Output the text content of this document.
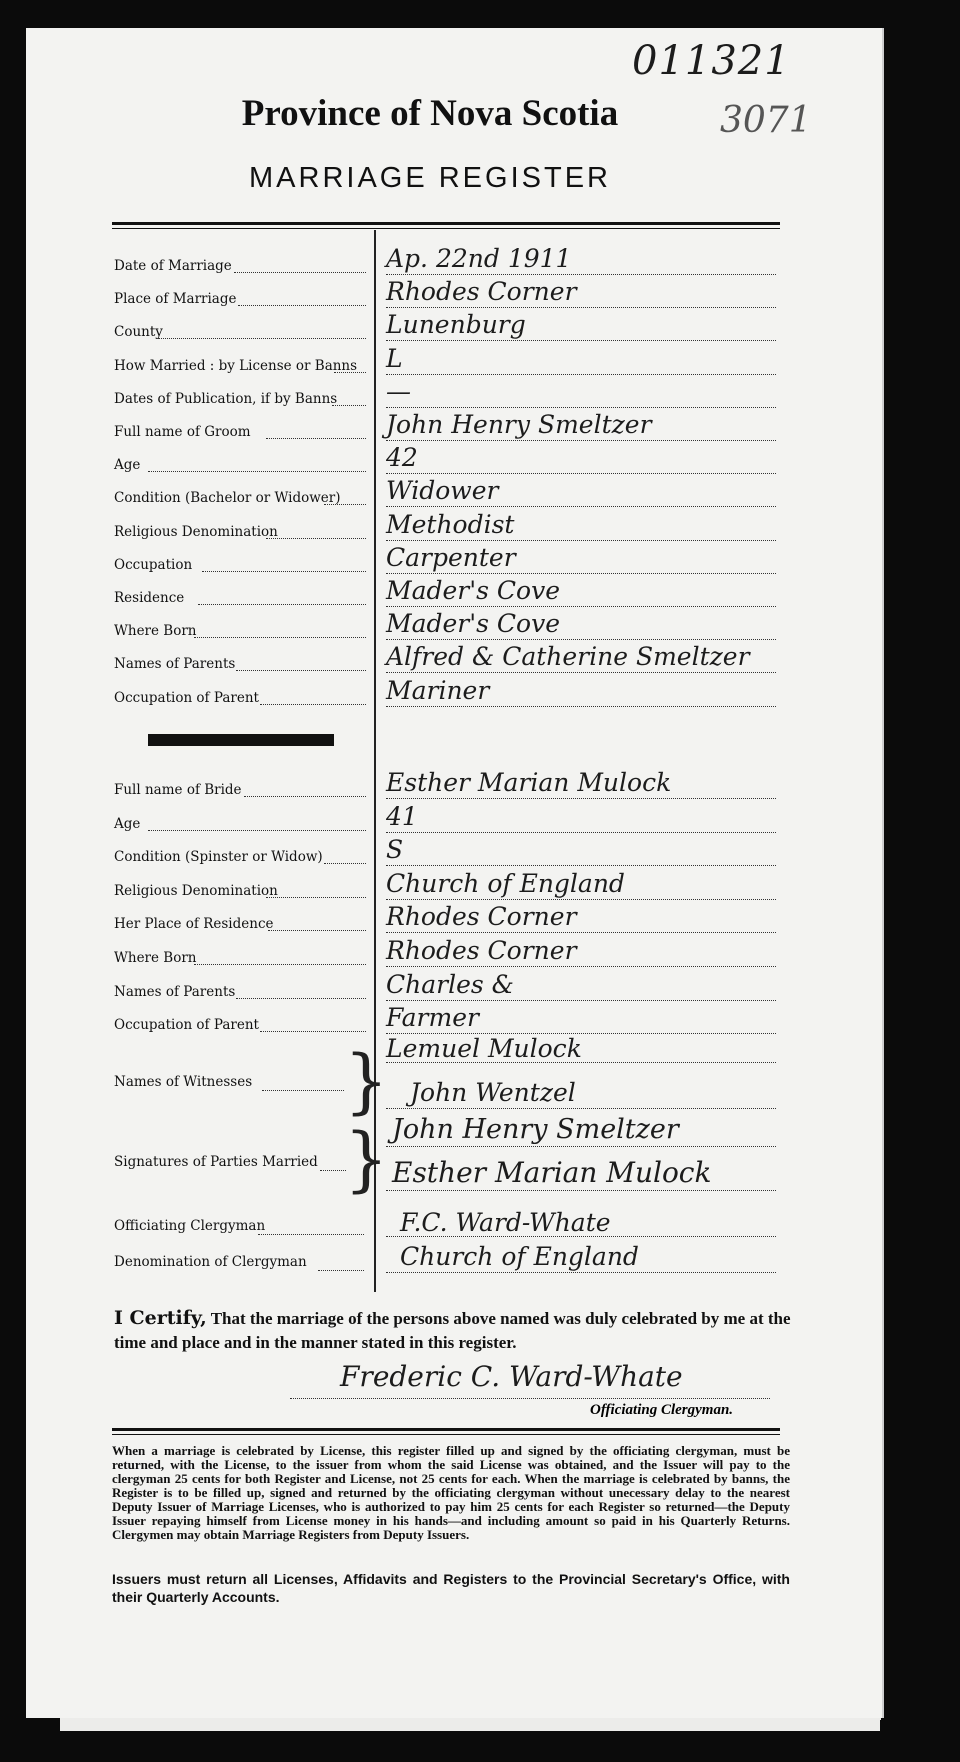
011321
3071
Province of Nova Scotia
MARRIAGE REGISTER
Date of Marriage	Ap. 22nd 1911
Place of Marriage	Rhodes Corner
County	Lunenburg
How Married : by License or Banns L
Dates of Publication, if by Banns —
Full name of Groom	John Henry Smeltzer
Age	42
Condition (Bachelor or Widower) Widower
Religious Denomination	Methodist
Occupation	Carpenter
Residence	Mader's Cove
Where Born	Mader's Cove
Names of Parents	Alfred & Catherine Smeltzer
Occupation of Parent	Mariner
Full name of Bride	Esther Marian Mulock
Age	41
Condition (Spinster or Widow)	S
Religious Denomination	Church of England
Her Place of Residence	Rhodes Corner
Where Born	Rhodes Corner
Names of Parents	Charles &
Occupation of Parent	Farmer
Names of Witnesses }
Lemuel Mulock
John Wentzel
Signatures of Parties Married } John Henry Smeltzer
Esther Marian Mulock
Officiating Clergyman	F.C. Ward-Whate
Denomination of Clergyman	Church of England
I Certify, That the marriage of the persons above named was duly celebrated by me at the time and place and in the manner stated in this register.
Frederic C. Ward-Whate
Officiating Clergyman.
When a marriage is celebrated by License, this register filled up and signed by the officiating clergyman, must be returned, with the License, to the issuer from whom the said License was obtained, and the Issuer will pay to the clergyman 25 cents for both Register and License, not 25 cents for each. When the marriage is celebrated by banns, the Register is to be filled up, signed and returned by the officiating clergyman without unecessary delay to the nearest Deputy Issuer of Marriage Licenses, who is authorized to pay him 25 cents for each Register so returned—the Deputy Issuer repaying himself from License money in his hands—and including amount so paid in his Quarterly Returns. Clergymen may obtain Marriage Registers from Deputy Issuers.
Issuers must return all Licenses, Affidavits and Registers to the Provincial Secretary's Office, with their Quarterly Accounts.
